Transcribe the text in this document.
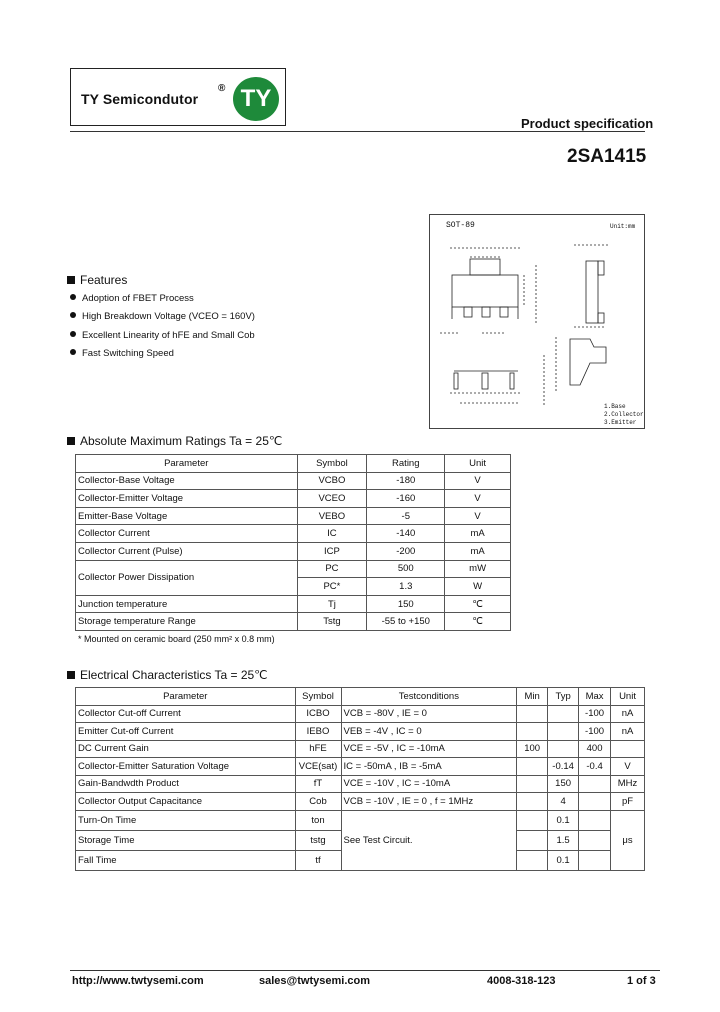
TY Semicondutor
® TY
Product specification
2SA1415
SOT-89	Unit:mm
1.Base
2.Collector
3.Emitter
Features
Adoption of FBET Process
High Breakdown Voltage (VCEO = 160V)
Excellent Linearity of hFE and Small Cob
Fast Switching Speed
Absolute Maximum Ratings Ta = 25℃
Parameter	Symbol	Rating	Unit
Collector-Base Voltage	VCBO	-180	V
Collector-Emitter Voltage	VCEO	-160	V
Emitter-Base Voltage	VEBO	-5	V
Collector Current	IC	-140	mA
Collector Current (Pulse)	ICP	-200	mA
Collector Power Dissipation	PC	500	mW
	PC*	1.3	W
Junction temperature	Tj	150	℃
Storage temperature Range	Tstg	-55 to +150	℃
* Mounted on ceramic board (250 mm² x 0.8 mm)
Electrical Characteristics Ta = 25℃
Parameter	Symbol	Testconditions	Min	Typ	Max	Unit
Collector Cut-off Current	ICBO	VCB = -80V , IE = 0			-100	nA
Emitter Cut-off Current	IEBO	VEB = -4V , IC = 0			-100	nA
DC Current Gain	hFE	VCE = -5V , IC = -10mA	100		400	
Collector-Emitter Saturation Voltage	VCE(sat)	IC = -50mA , IB = -5mA		-0.14	-0.4	V
Gain-Bandwdth Product	fT	VCE = -10V , IC = -10mA		150		MHz
Collector Output Capacitance	Cob	VCB = -10V , IE = 0 , f = 1MHz		4		pF
Turn-On Time	ton	See Test Circuit.		0.1		μs
Storage Time	tstg			1.5		
Fall Time	tf			0.1		
http://www.twtysemi.com	sales@twtysemi.com	4008-318-123	1 of 3
